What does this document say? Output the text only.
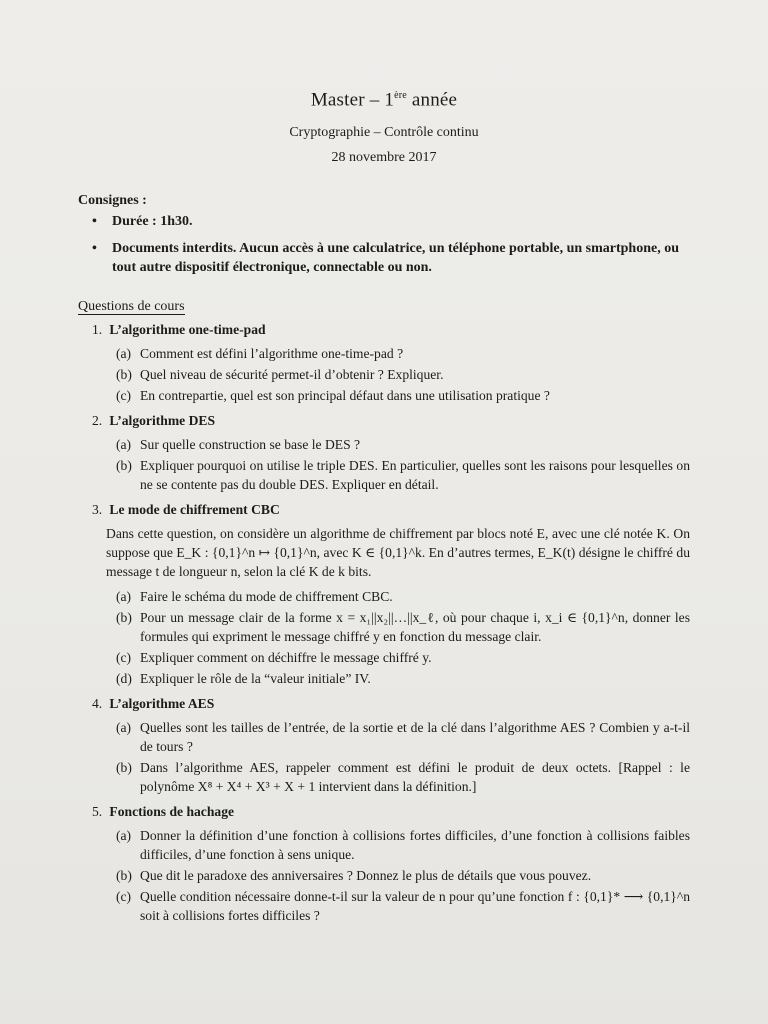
Master – 1ère année
Cryptographie – Contrôle continu
28 novembre 2017
Consignes :
• Durée : 1h30.
• Documents interdits. Aucun accès à une calculatrice, un téléphone portable, un smartphone, ou tout autre dispositif électronique, connectable ou non.
Questions de cours
1. L’algorithme one-time-pad
(a) Comment est défini l’algorithme one-time-pad ?
(b) Quel niveau de sécurité permet-il d’obtenir ? Expliquer.
(c) En contrepartie, quel est son principal défaut dans une utilisation pratique ?
2. L’algorithme DES
(a) Sur quelle construction se base le DES ?
(b) Expliquer pourquoi on utilise le triple DES. En particulier, quelles sont les raisons pour lesquelles on ne se contente pas du double DES. Expliquer en détail.
3. Le mode de chiffrement CBC
Dans cette question, on considère un algorithme de chiffrement par blocs noté E, avec une clé notée K. On suppose que E_K : {0,1}^n ↦ {0,1}^n, avec K ∈ {0,1}^k. En d’autres termes, E_K(t) désigne le chiffré du message t de longueur n, selon la clé K de k bits.
(a) Faire le schéma du mode de chiffrement CBC.
(b) Pour un message clair de la forme x = x₁||x₂||…||x_ℓ, où pour chaque i, x_i ∈ {0,1}^n, donner les formules qui expriment le message chiffré y en fonction du message clair.
(c) Expliquer comment on déchiffre le message chiffré y.
(d) Expliquer le rôle de la “valeur initiale” IV.
4. L’algorithme AES
(a) Quelles sont les tailles de l’entrée, de la sortie et de la clé dans l’algorithme AES ? Combien y a-t-il de tours ?
(b) Dans l’algorithme AES, rappeler comment est défini le produit de deux octets. [Rappel : le polynôme X⁸ + X⁴ + X³ + X + 1 intervient dans la définition.]
5. Fonctions de hachage
(a) Donner la définition d’une fonction à collisions fortes difficiles, d’une fonction à collisions faibles difficiles, d’une fonction à sens unique.
(b) Que dit le paradoxe des anniversaires ? Donnez le plus de détails que vous pouvez.
(c) Quelle condition nécessaire donne-t-il sur la valeur de n pour qu’une fonction f : {0,1}* ⟶ {0,1}^n soit à collisions fortes difficiles ?
